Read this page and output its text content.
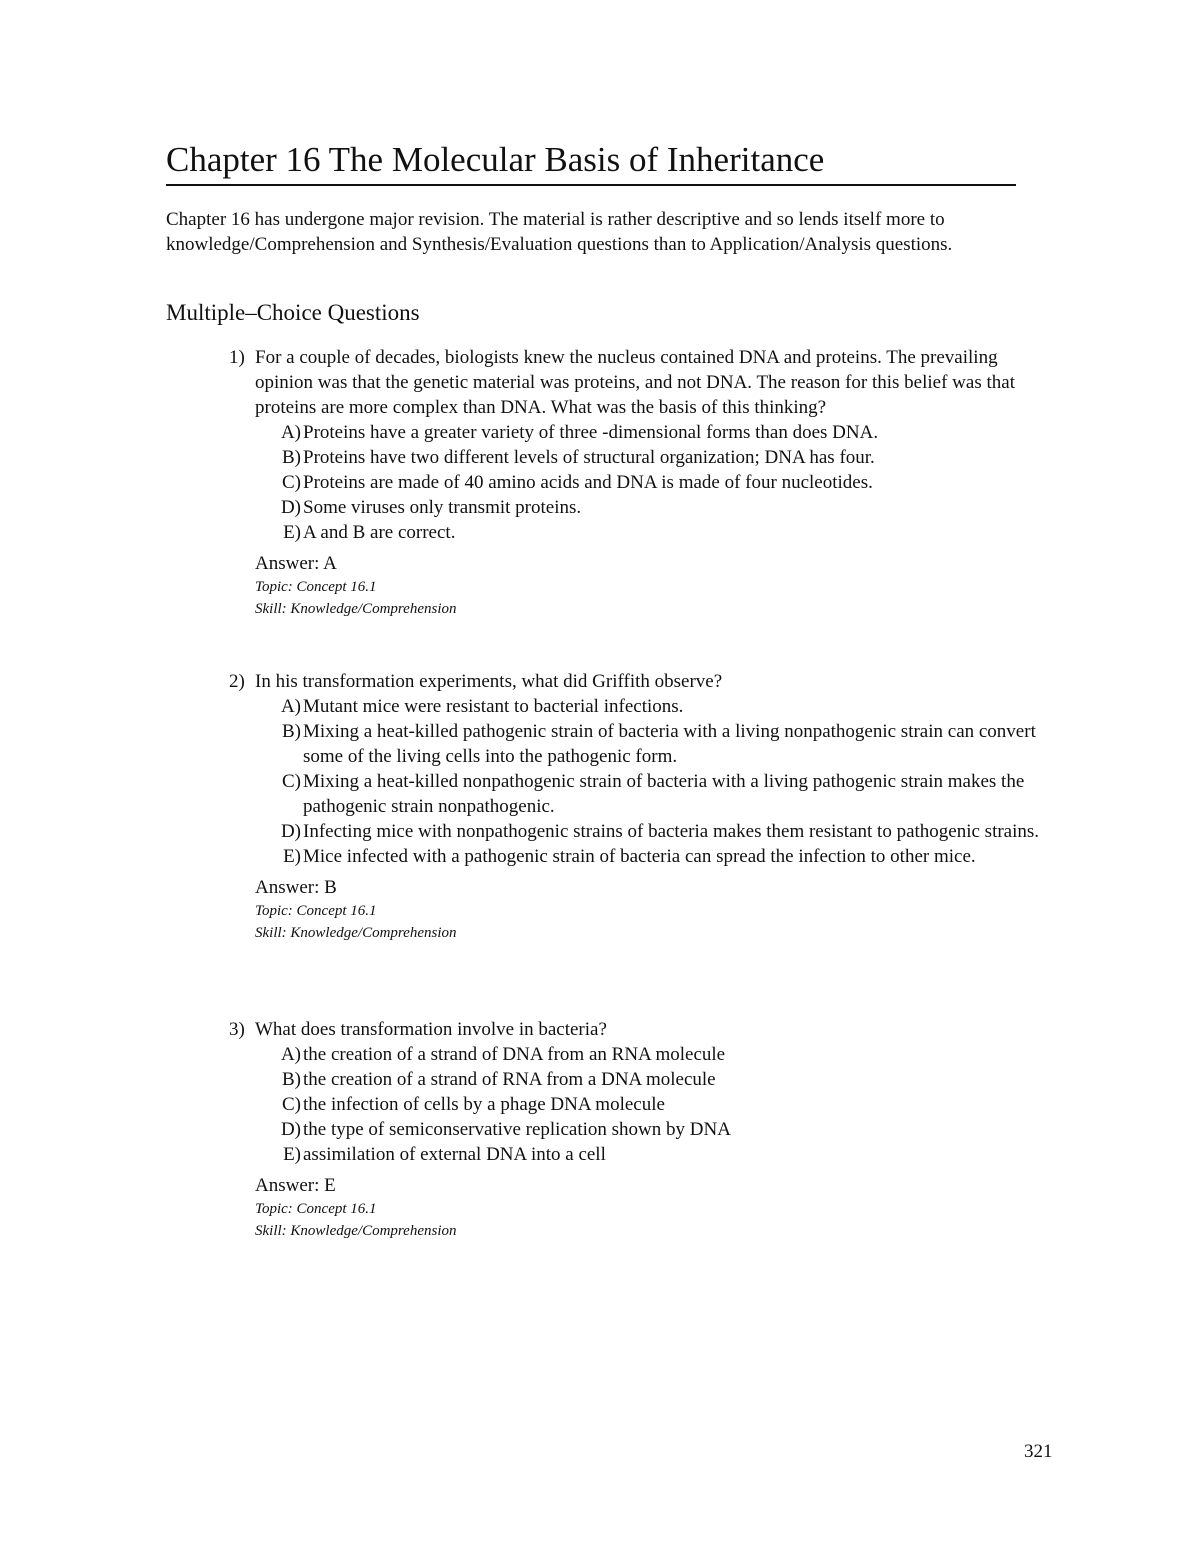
Chapter 16 The Molecular Basis of Inheritance
Chapter 16 has undergone major revision. The material is rather descriptive and so lends itself more to knowledge/Comprehension and Synthesis/Evaluation questions than to Application/Analysis questions.
Multiple–Choice Questions
1) For a couple of decades, biologists knew the nucleus contained DNA and proteins. The prevailing opinion was that the genetic material was proteins, and not DNA. The reason for this belief was that proteins are more complex than DNA. What was the basis of this thinking?
A) Proteins have a greater variety of three -dimensional forms than does DNA.
B) Proteins have two different levels of structural organization; DNA has four.
C) Proteins are made of 40 amino acids and DNA is made of four nucleotides.
D) Some viruses only transmit proteins.
E) A and B are correct.
Answer: A
Topic: Concept 16.1
Skill: Knowledge/Comprehension
2) In his transformation experiments, what did Griffith observe?
A) Mutant mice were resistant to bacterial infections.
B) Mixing a heat-killed pathogenic strain of bacteria with a living nonpathogenic strain can convert some of the living cells into the pathogenic form.
C) Mixing a heat-killed nonpathogenic strain of bacteria with a living pathogenic strain makes the pathogenic strain nonpathogenic.
D) Infecting mice with nonpathogenic strains of bacteria makes them resistant to pathogenic strains.
E) Mice infected with a pathogenic strain of bacteria can spread the infection to other mice.
Answer: B
Topic: Concept 16.1
Skill: Knowledge/Comprehension
3) What does transformation involve in bacteria?
A) the creation of a strand of DNA from an RNA molecule
B) the creation of a strand of RNA from a DNA molecule
C) the infection of cells by a phage DNA molecule
D) the type of semiconservative replication shown by DNA
E) assimilation of external DNA into a cell
Answer: E
Topic: Concept 16.1
Skill: Knowledge/Comprehension
321
